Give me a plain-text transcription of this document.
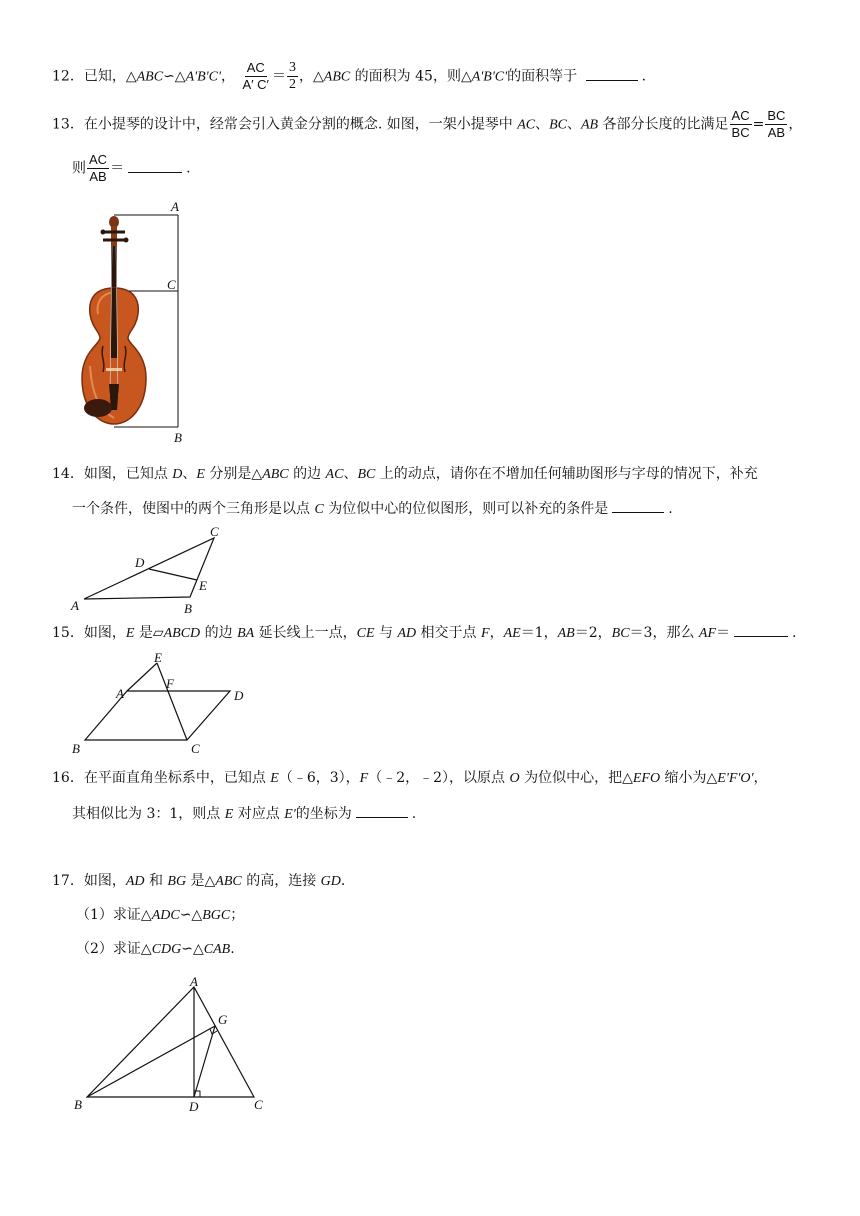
12．已知，△ABC∽△A'B'C'， $\frac{AC}{A' C'} = \frac{3}{2}$ ，△ABC 的面积为 45，则△A'B'C'的面积等于	.
13．在小提琴的设计中，经常会引入黄金分割的概念. 如图，一架小提琴中 AC、BC、AB 各部分长度的比满足 $\frac{AC}{BC} = \frac{BC}{AB}$ ，
则 $\frac{AC}{AB}$ ＝	.
A
C
B
14．如图，已知点 D、E 分别是△ABC 的边 AC、BC 上的动点，请你在不增加任何辅助图形与字母的情况下，补充
一个条件，使图中的两个三角形是以点 C 为位似中心的位似图形，则可以补充的条件是	.
A	B
C
D
E
15．如图，E 是▱ABCD 的边 BA 延长线上一点，CE 与 AD 相交于点 F，AE＝1，AB＝2，BC＝3，那么 AF＝	.
A
B	C
D
E
F
16．在平面直角坐标系中，已知点 E（﹣6，3），F（﹣2，﹣2），以原点 O 为位似中心，把△EFO 缩小为△E'F'O'，
其相似比为 3：1，则点 E 对应点 E'的坐标为	.
17．如图，AD 和 BG 是△ABC 的高，连接 GD.
（1）求证△ADC∽△BGC；
（2）求证△CDG∽△CAB.
A
B	C
D
G
